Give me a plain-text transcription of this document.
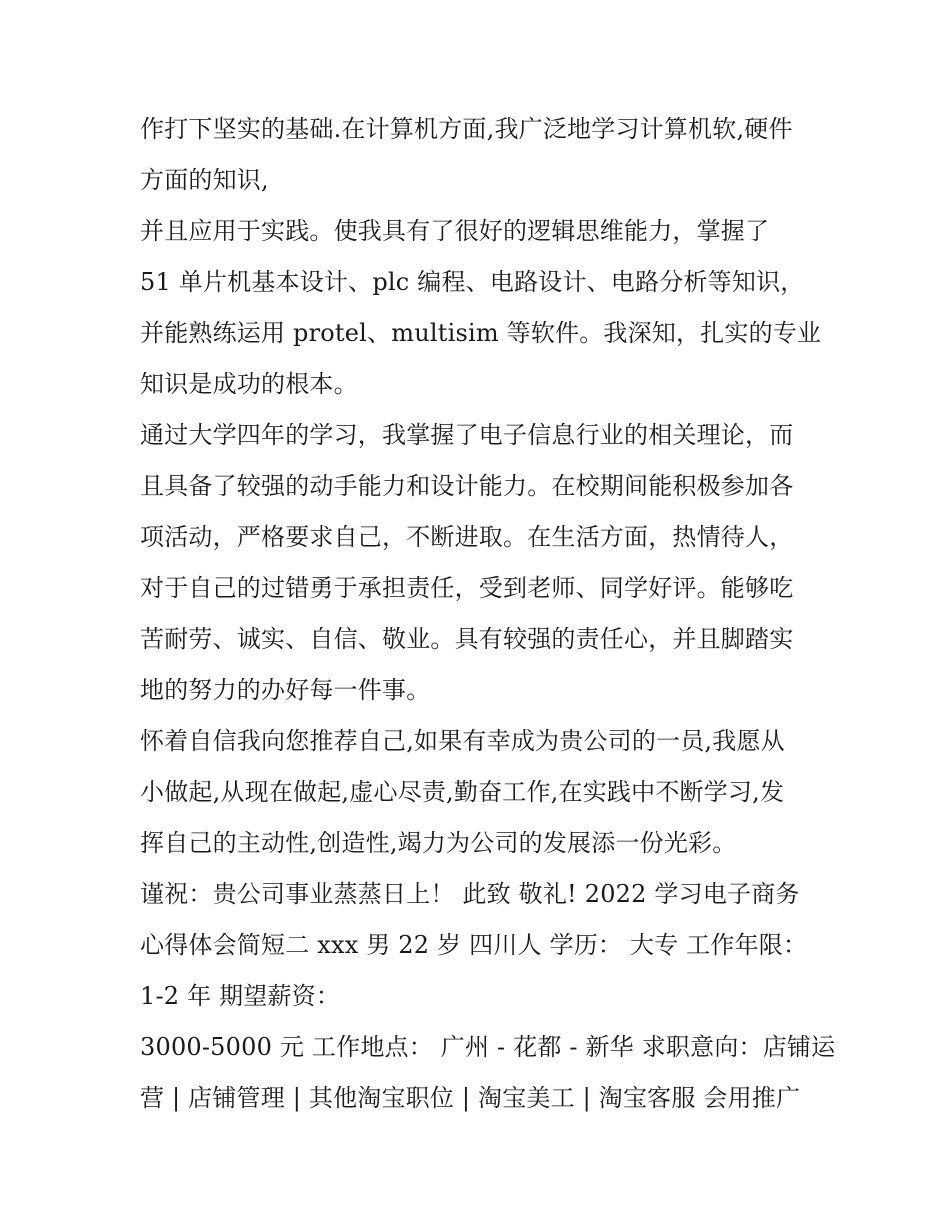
作打下坚实的基础.在计算机方面,我广泛地学习计算机软,硬件
方面的知识,
并且应用于实践。使我具有了很好的逻辑思维能力，掌握了
51 单片机基本设计、plc 编程、电路设计、电路分析等知识，
并能熟练运用 protel、multisim 等软件。我深知，扎实的专业
知识是成功的根本。
通过大学四年的学习，我掌握了电子信息行业的相关理论，而
且具备了较强的动手能力和设计能力。在校期间能积极参加各
项活动，严格要求自己，不断进取。在生活方面，热情待人，
对于自己的过错勇于承担责任，受到老师、同学好评。能够吃
苦耐劳、诚实、自信、敬业。具有较强的责任心，并且脚踏实
地的努力的办好每一件事。
怀着自信我向您推荐自己,如果有幸成为贵公司的一员,我愿从
小做起,从现在做起,虚心尽责,勤奋工作,在实践中不断学习,发
挥自己的主动性,创造性,竭力为公司的发展添一份光彩。
谨祝：贵公司事业蒸蒸日上！ 此致 敬礼! 2022 学习电子商务
心得体会简短二 xxx 男 22 岁 四川人 学历： 大专 工作年限：
1-2 年 期望薪资：
3000-5000 元 工作地点： 广州 - 花都 - 新华 求职意向：店铺运
营 | 店铺管理 | 其他淘宝职位 | 淘宝美工 | 淘宝客服 会用推广
